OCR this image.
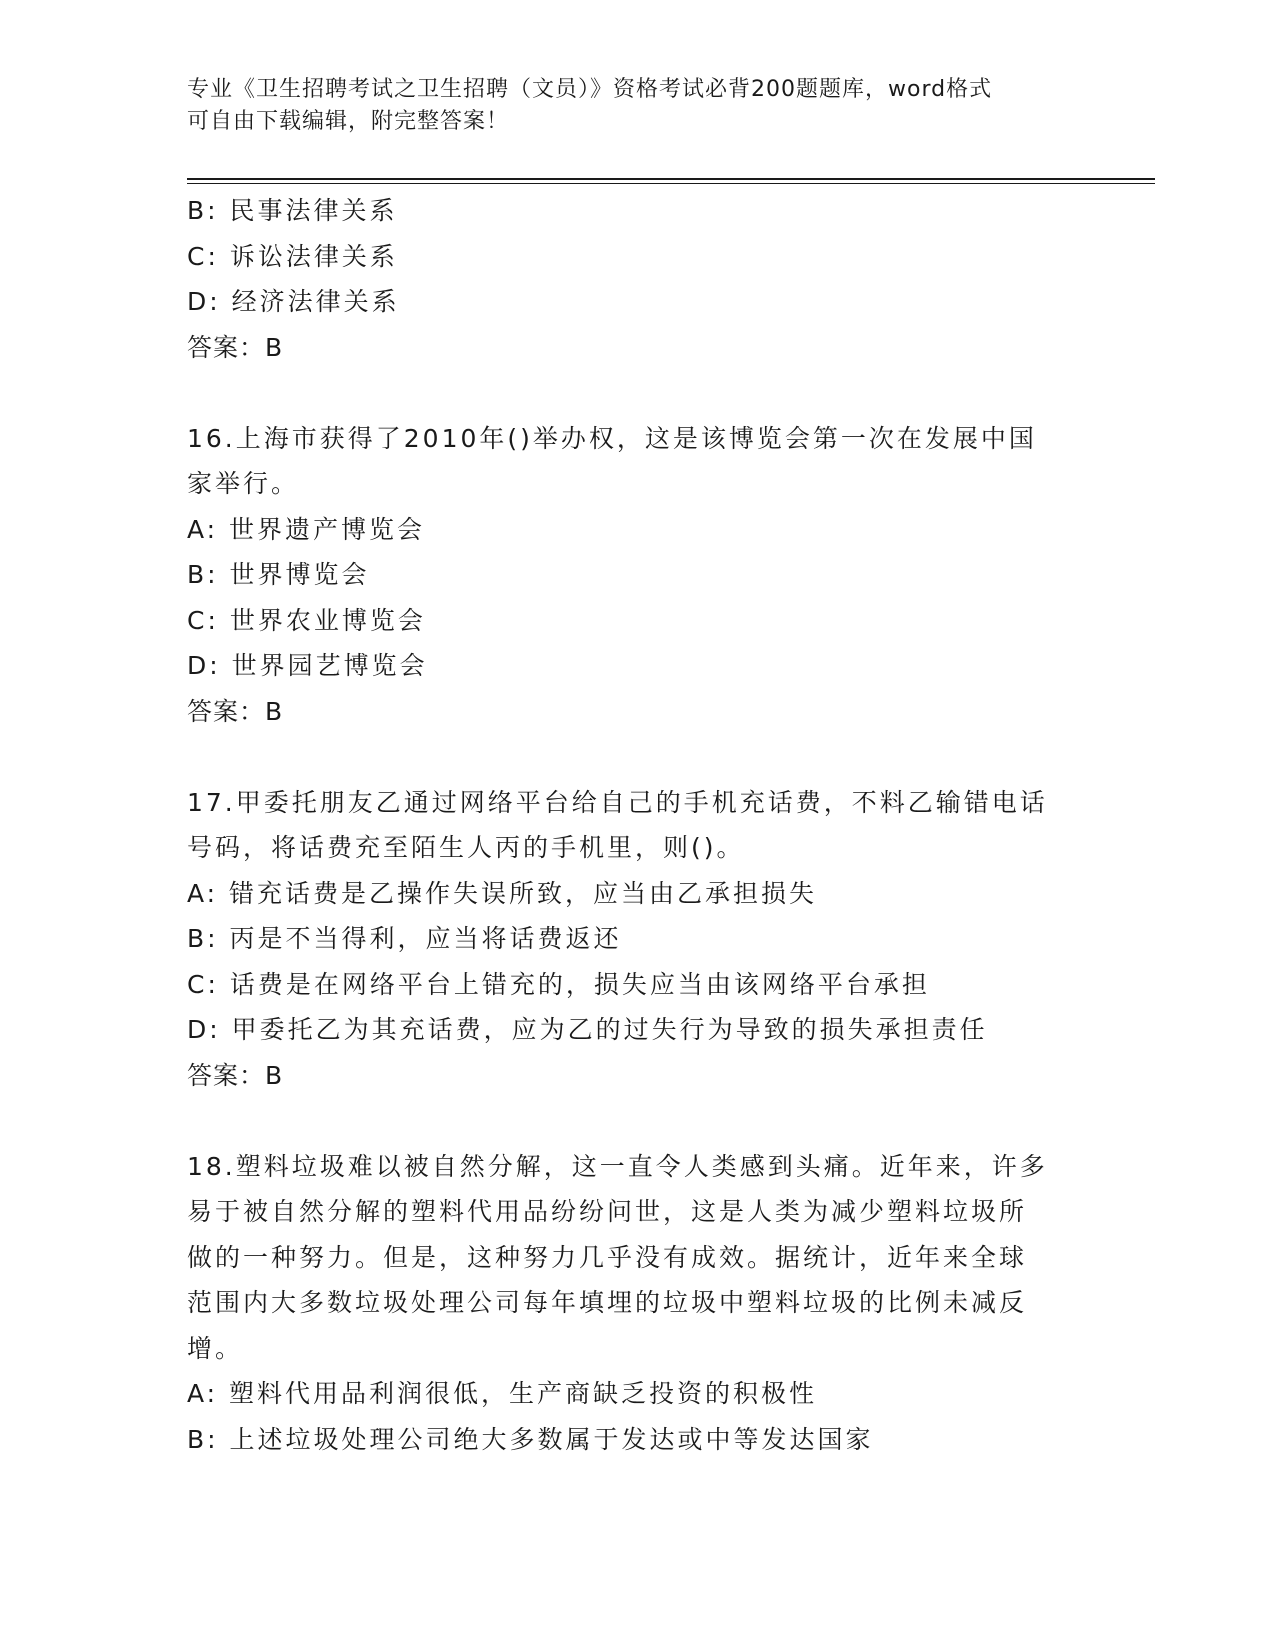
专业《卫生招聘考试之卫生招聘（文员）》资格考试必背200题题库，word格式
可自由下载编辑，附完整答案！
B: 民事法律关系
C: 诉讼法律关系
D: 经济法律关系
答案：B
16.上海市获得了2010年()举办权，这是该博览会第一次在发展中国
家举行。
A: 世界遗产博览会
B: 世界博览会
C: 世界农业博览会
D: 世界园艺博览会
答案：B
17.甲委托朋友乙通过网络平台给自己的手机充话费，不料乙输错电话
号码，将话费充至陌生人丙的手机里，则()。
A: 错充话费是乙操作失误所致，应当由乙承担损失
B: 丙是不当得利，应当将话费返还
C: 话费是在网络平台上错充的，损失应当由该网络平台承担
D: 甲委托乙为其充话费，应为乙的过失行为导致的损失承担责任
答案：B
18.塑料垃圾难以被自然分解，这一直令人类感到头痛。近年来，许多
易于被自然分解的塑料代用品纷纷问世，这是人类为减少塑料垃圾所
做的一种努力。但是，这种努力几乎没有成效。据统计，近年来全球
范围内大多数垃圾处理公司每年填埋的垃圾中塑料垃圾的比例未减反
增。
A: 塑料代用品利润很低，生产商缺乏投资的积极性
B: 上述垃圾处理公司绝大多数属于发达或中等发达国家
